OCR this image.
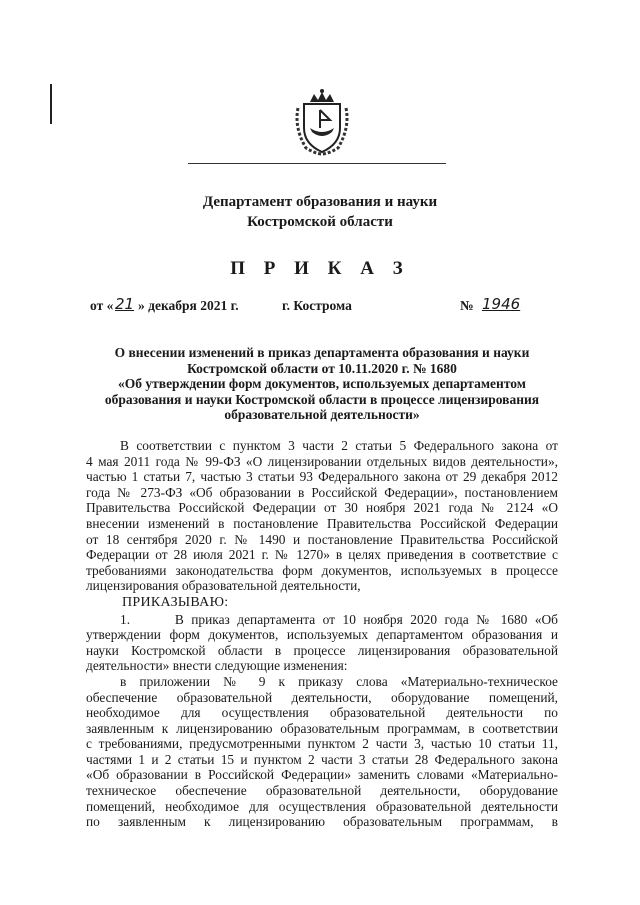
Департамент образования и науки
Костромской области
П Р И К А З
от « 21 » декабря 2021 г.	г. Кострома	№ 1946
О внесении изменений в приказ департамента образования и науки
Костромской области от 10.11.2020 г. № 1680
«Об утверждении форм документов, используемых департаментом
образования и науки Костромской области в процессе лицензирования
образовательной деятельности»
В соответствии с пунктом 3 части 2 статьи 5 Федерального закона от
4 мая 2011 года № 99-ФЗ «О лицензировании отдельных видов деятельности»,
частью 1 статьи 7, частью 3 статьи 93 Федерального закона от 29 декабря 2012
года № 273-ФЗ «Об образовании в Российской Федерации», постановлением
Правительства Российской Федерации от 30 ноября 2021 года № 2124 «О
внесении изменений в постановление Правительства Российской Федерации
от 18 сентября 2020 г. № 1490 и постановление Правительства Российской
Федерации от 28 июля 2021 г. № 1270» в целях приведения в соответствие с
требованиями законодательства форм документов, используемых в процессе
лицензирования образовательной деятельности,
ПРИКАЗЫВАЮ:
1.      В приказ департамента от 10 ноября 2020 года № 1680 «Об
утверждении форм документов, используемых департаментом образования и
науки Костромской области в процессе лицензирования образовательной
деятельности» внести следующие изменения:
в приложении № 9 к приказу слова «Материально-техническое
обеспечение образовательной деятельности, оборудование помещений,
необходимое для осуществления образовательной деятельности по
заявленным к лицензированию образовательным программам, в соответствии
с требованиями, предусмотренными пунктом 2 части 3, частью 10 статьи 11,
частями 1 и 2 статьи 15 и пунктом 2 части 3 статьи 28 Федерального закона
«Об образовании в Российской Федерации» заменить словами «Материально-
техническое обеспечение образовательной деятельности, оборудование
помещений, необходимое для осуществления образовательной деятельности
по заявленным к лицензированию образовательным программам, в
